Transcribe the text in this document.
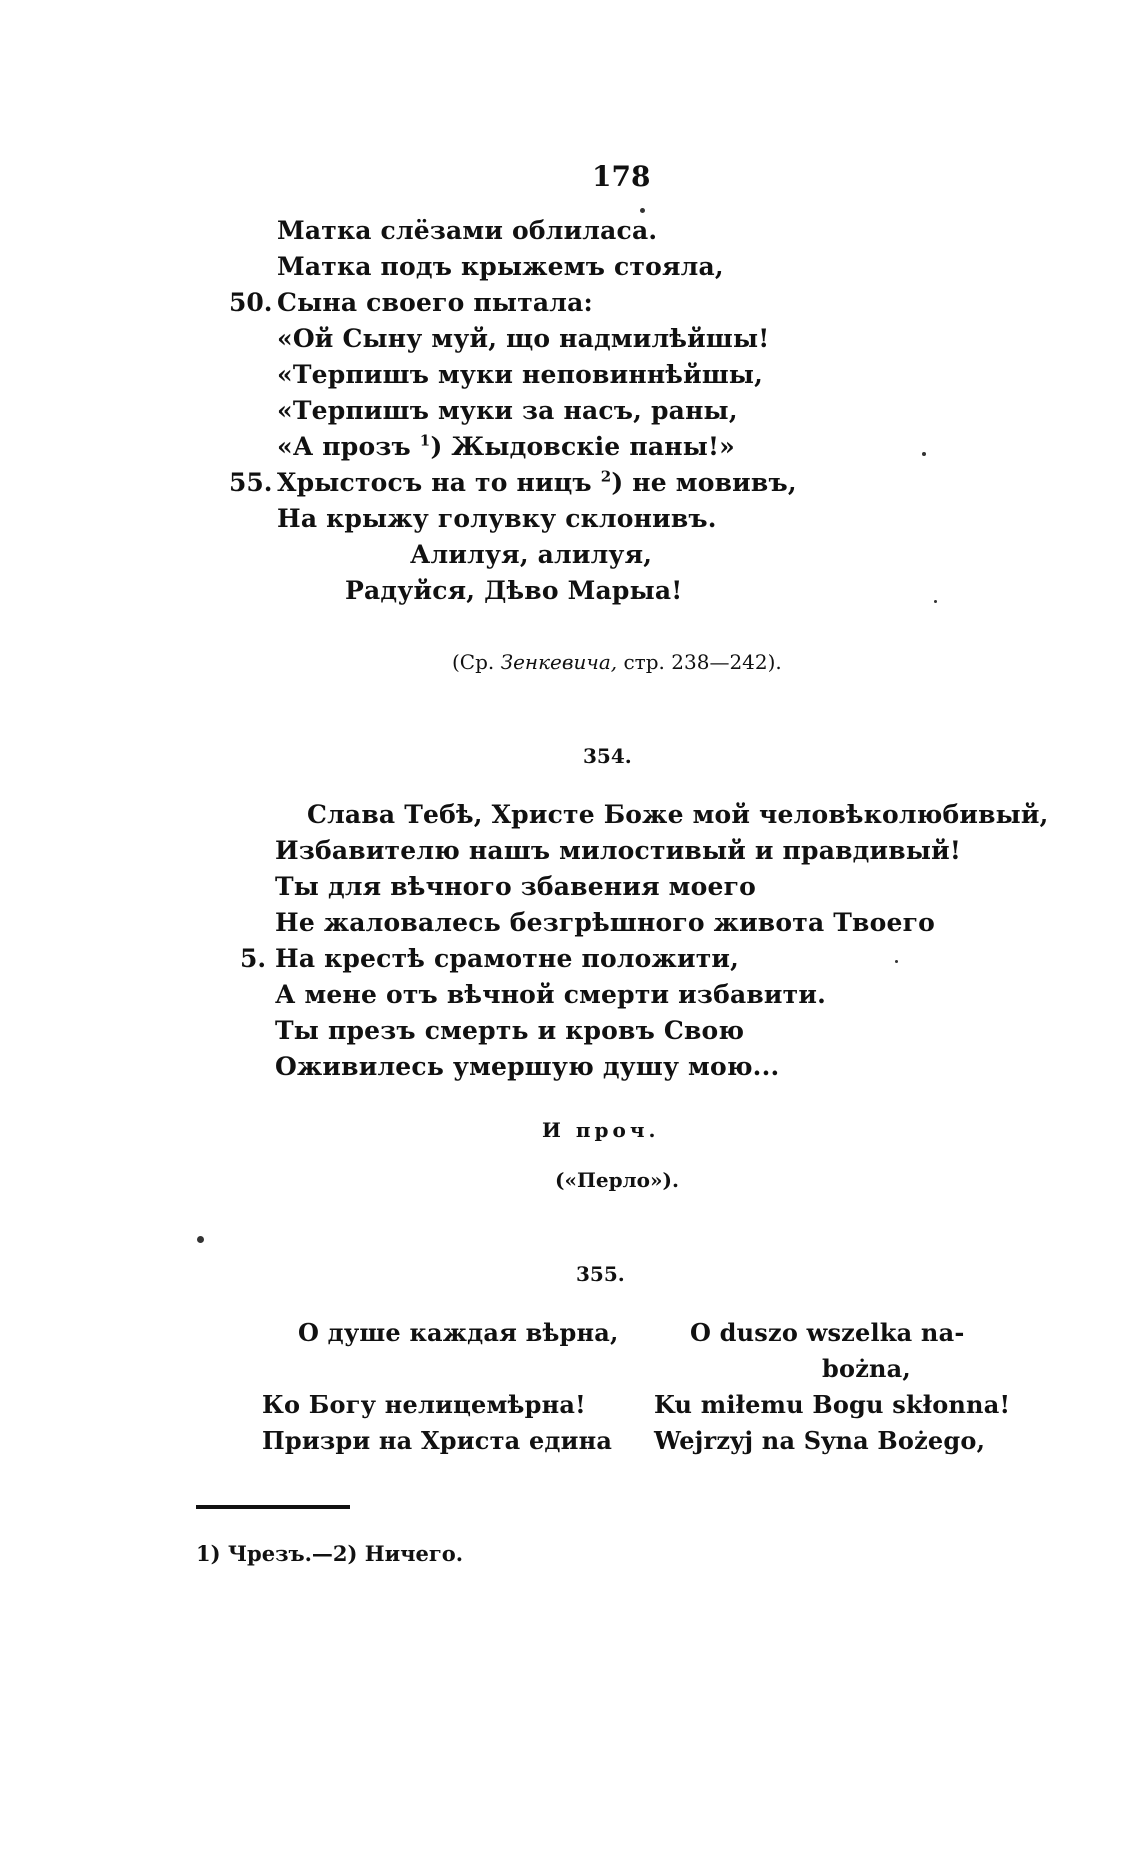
178
Матка слёзами облиласа.
Матка подъ крыжемъ стояла,
50. Сына своего пытала:
«Ой Сыну муй, що надмилѣйшы!
«Терпишъ муки неповиннѣйшы,
«Терпишъ муки за насъ, раны,
«А прозъ $^1$) Жыдовскіе паны!»
55. Хрыстосъ на то ницъ $^2$) не мовивъ,
На крыжу голувку склонивъ.
Алилуя, алилуя,
Радуйся, Дѣво Марыа!
(Ср. Зенкевича, стр. 238—242).
354.
Слава Тебѣ, Христе Боже мой человѣколюбивый,
Избавителю нашъ милостивый и правдивый!
Ты для вѣчного збавения моего
Не жаловалесь безгрѣшного живота Твоего
5. На крестѣ срамотне положити,
А мене отъ вѣчной смерти избавити.
Ты презъ смерть и кровъ Свою
Оживилесь умершую душу мою...
И проч.
(«Перло»).
355.
О душе каждая вѣрна,
Ко Богу нелицемѣрна!
Призри на Христа едина
O duszo wszelka na-
bożna,
Ku miłemu Bogu skłonna!
Wejrzyj na Syna Bożego,
1) Чрезъ.—2) Ничего.
